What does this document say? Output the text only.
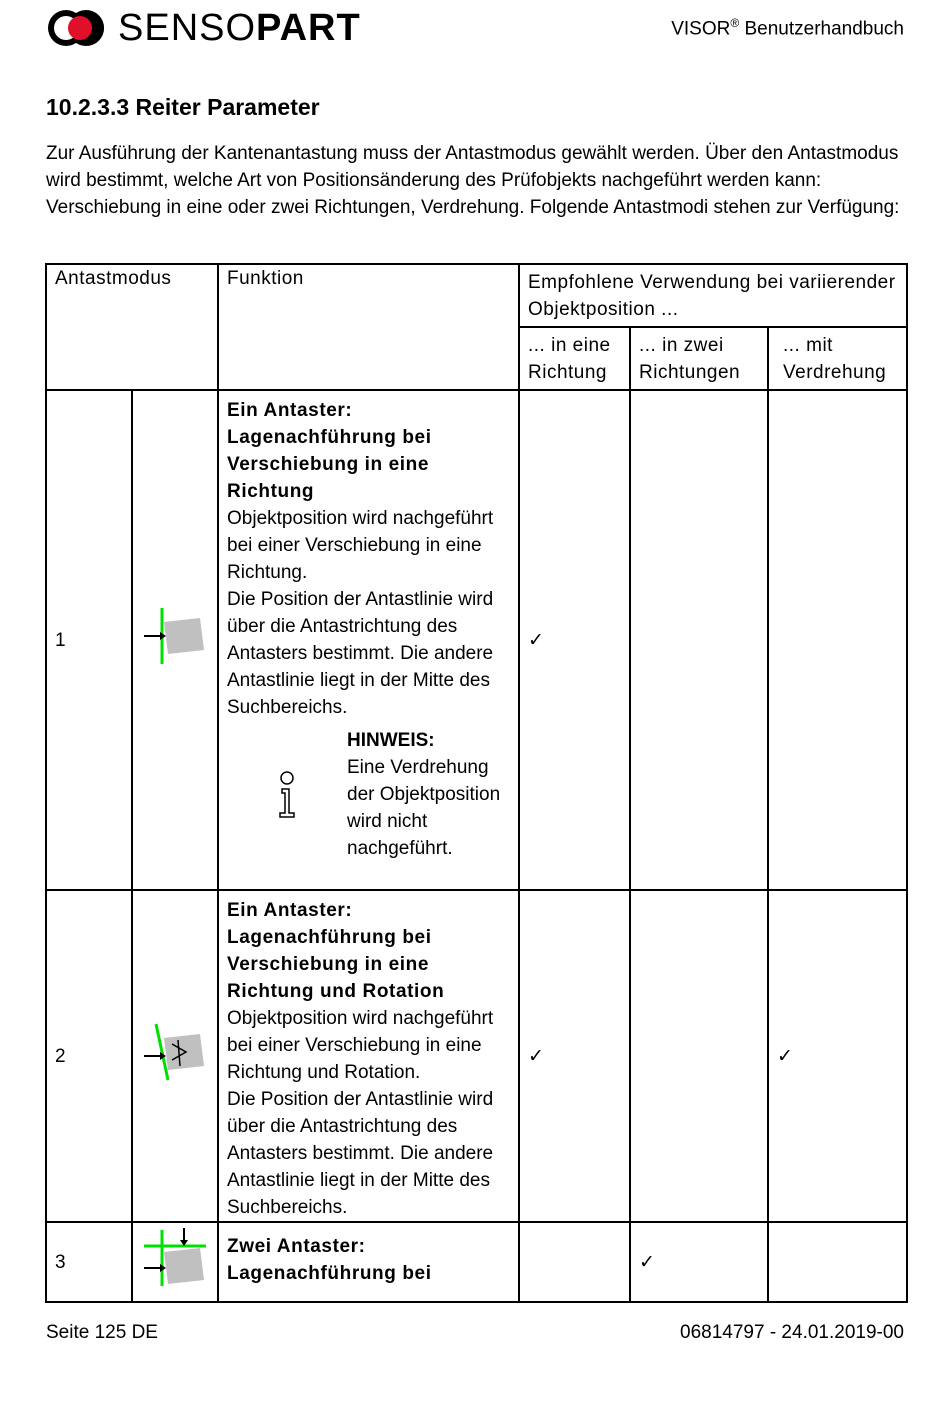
SENSOPART	VISOR® Benutzerhandbuch
10.2.3.3 Reiter Parameter

Zur Ausführung der Kantenantastung muss der Antastmodus gewählt werden. Über den Antastmodus wird bestimmt, welche Art von Positionsänderung des Prüfobjekts nachgeführt werden kann: Verschiebung in eine oder zwei Richtungen, Verdrehung. Folgende Antastmodi stehen zur Verfügung:

Antastmodus		Funktion	Empfohlene Verwendung bei variierender Objektposition ...		
			... in eine Richtung	... in zwei Richtungen	... mit Verdrehung
1		Ein Antaster: Lagenachführung bei Verschiebung in eine Richtung
Objektposition wird nachgeführt bei einer Verschiebung in eine Richtung.
Die Position der Antastlinie wird über die Antastrichtung des Antasters bestimmt. Die andere Antastlinie liegt in der Mitte des Suchbereichs.
HINWEIS:
Eine Verdrehung der Objektposition wird nicht nachgeführt.	✓		
2		Ein Antaster: Lagenachführung bei Verschiebung in eine Richtung und Rotation
Objektposition wird nachgeführt bei einer Verschiebung in eine Richtung und Rotation.
Die Position der Antastlinie wird über die Antastrichtung des Antasters bestimmt. Die andere Antastlinie liegt in der Mitte des Suchbereichs.	✓		✓
3		Zwei Antaster: Lagenachführung bei		✓	
Seite 125 DE	06814797 - 24.01.2019-00
